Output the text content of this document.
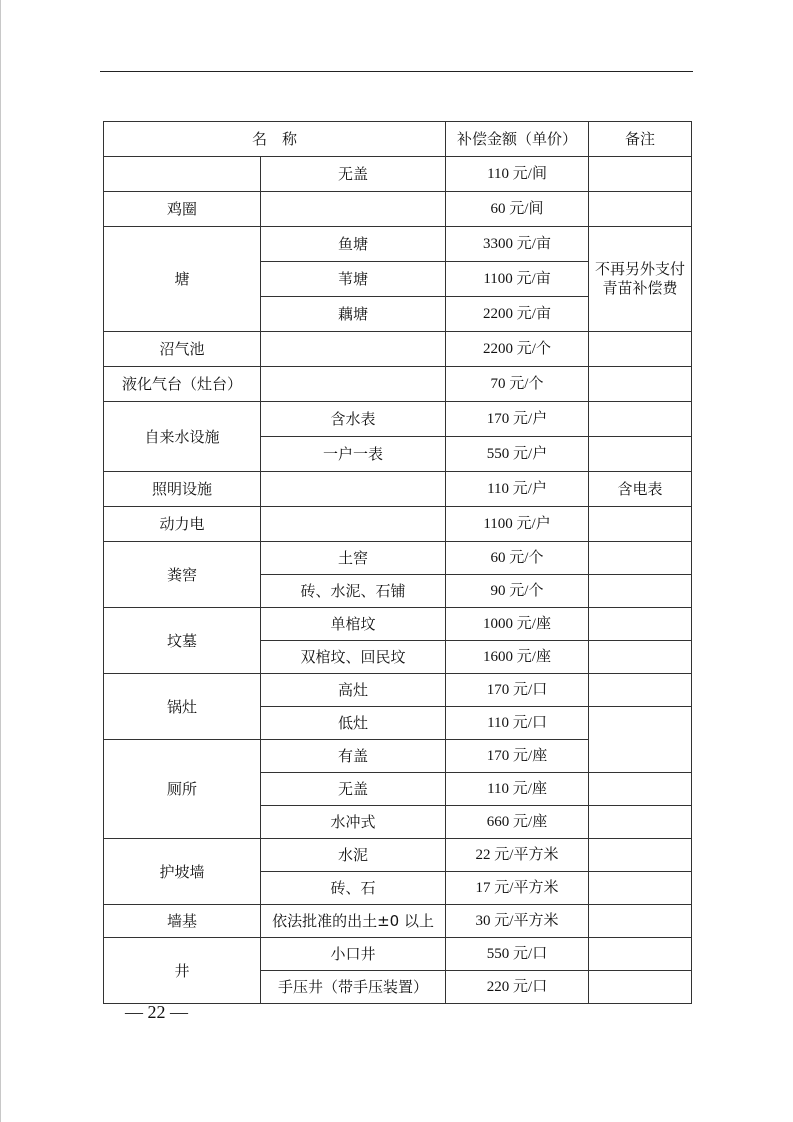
名　称		补偿金额（单价）	备注
	无盖	110 元/间	
鸡圈		60 元/间	
塘	鱼塘	3300 元/亩	不再另外支付青苗补偿费
	苇塘	1100 元/亩	
	藕塘	2200 元/亩	
沼气池		2200 元/个	
液化气台（灶台）		70 元/个	
自来水设施	含水表	170 元/户	
	一户一表	550 元/户	
照明设施		110 元/户	含电表
动力电		1100 元/户	
粪窖	土窖	60 元/个	
	砖、水泥、石铺	90 元/个	
坟墓	单棺坟	1000 元/座	
	双棺坟、回民坟	1600 元/座	
锅灶	高灶	170 元/口	
	低灶	110 元/口	
厕所	有盖	170 元/座	
	无盖	110 元/座	
	水冲式	660 元/座	
护坡墙	水泥	22 元/平方米	
	砖、石	17 元/平方米	
墙基	依法批准的出土±0 以上	30 元/平方米	
井	小口井	550 元/口	
	手压井（带手压装置）	220 元/口	
— 22 —
